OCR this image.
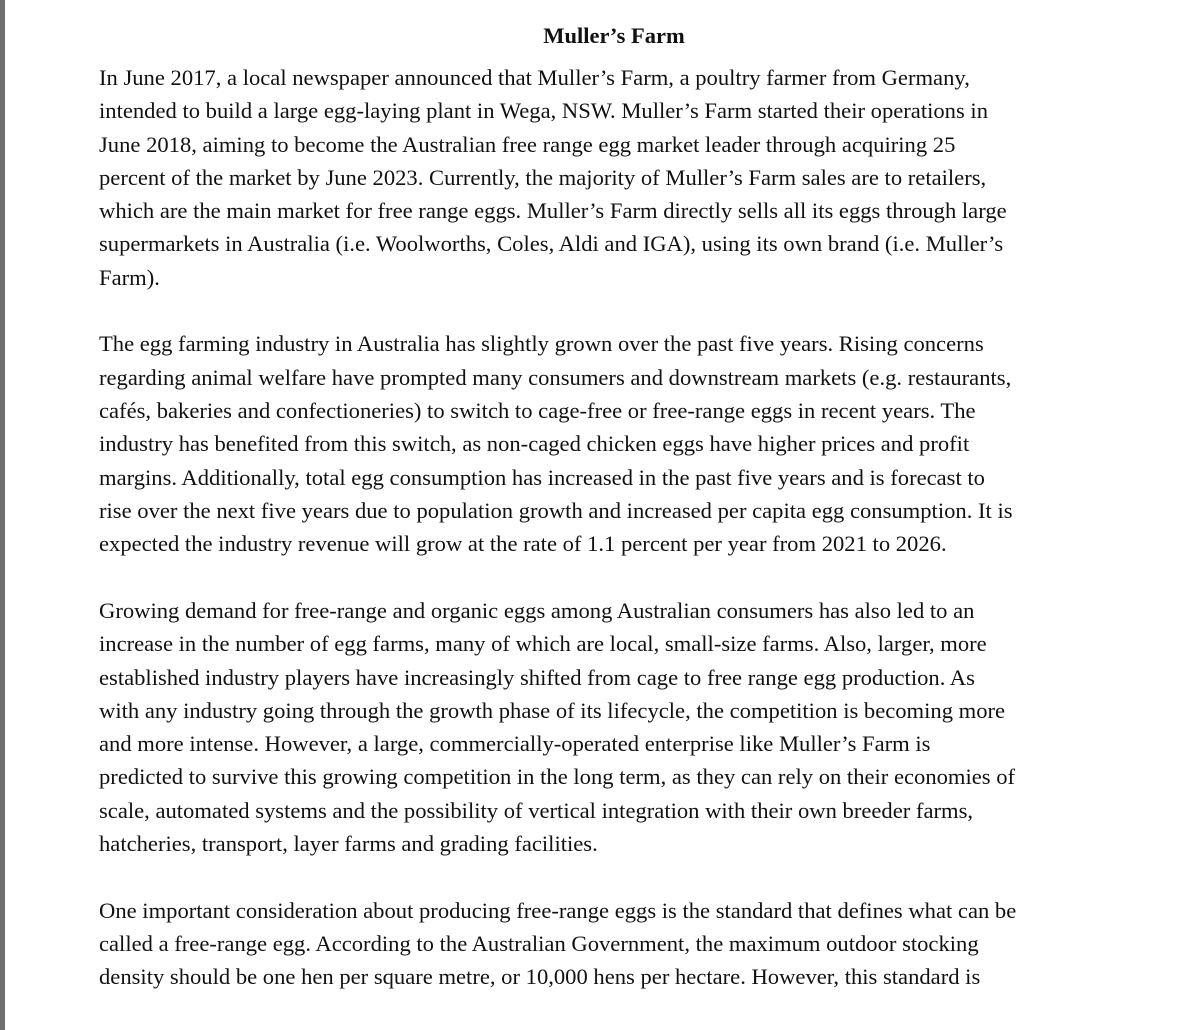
Muller’s Farm

In June 2017, a local newspaper announced that Muller’s Farm, a poultry farmer from Germany,
intended to build a large egg-laying plant in Wega, NSW. Muller’s Farm started their operations in
June 2018, aiming to become the Australian free range egg market leader through acquiring 25
percent of the market by June 2023. Currently, the majority of Muller’s Farm sales are to retailers,
which are the main market for free range eggs. Muller’s Farm directly sells all its eggs through large
supermarkets in Australia (i.e. Woolworths, Coles, Aldi and IGA), using its own brand (i.e. Muller’s
Farm).

The egg farming industry in Australia has slightly grown over the past five years. Rising concerns
regarding animal welfare have prompted many consumers and downstream markets (e.g. restaurants,
cafés, bakeries and confectioneries) to switch to cage-free or free-range eggs in recent years. The
industry has benefited from this switch, as non-caged chicken eggs have higher prices and profit
margins. Additionally, total egg consumption has increased in the past five years and is forecast to
rise over the next five years due to population growth and increased per capita egg consumption. It is
expected the industry revenue will grow at the rate of 1.1 percent per year from 2021 to 2026.

Growing demand for free-range and organic eggs among Australian consumers has also led to an
increase in the number of egg farms, many of which are local, small-size farms. Also, larger, more
established industry players have increasingly shifted from cage to free range egg production. As
with any industry going through the growth phase of its lifecycle, the competition is becoming more
and more intense. However, a large, commercially-operated enterprise like Muller’s Farm is
predicted to survive this growing competition in the long term, as they can rely on their economies of
scale, automated systems and the possibility of vertical integration with their own breeder farms,
hatcheries, transport, layer farms and grading facilities.

One important consideration about producing free-range eggs is the standard that defines what can be
called a free-range egg. According to the Australian Government, the maximum outdoor stocking
density should be one hen per square metre, or 10,000 hens per hectare. However, this standard is
